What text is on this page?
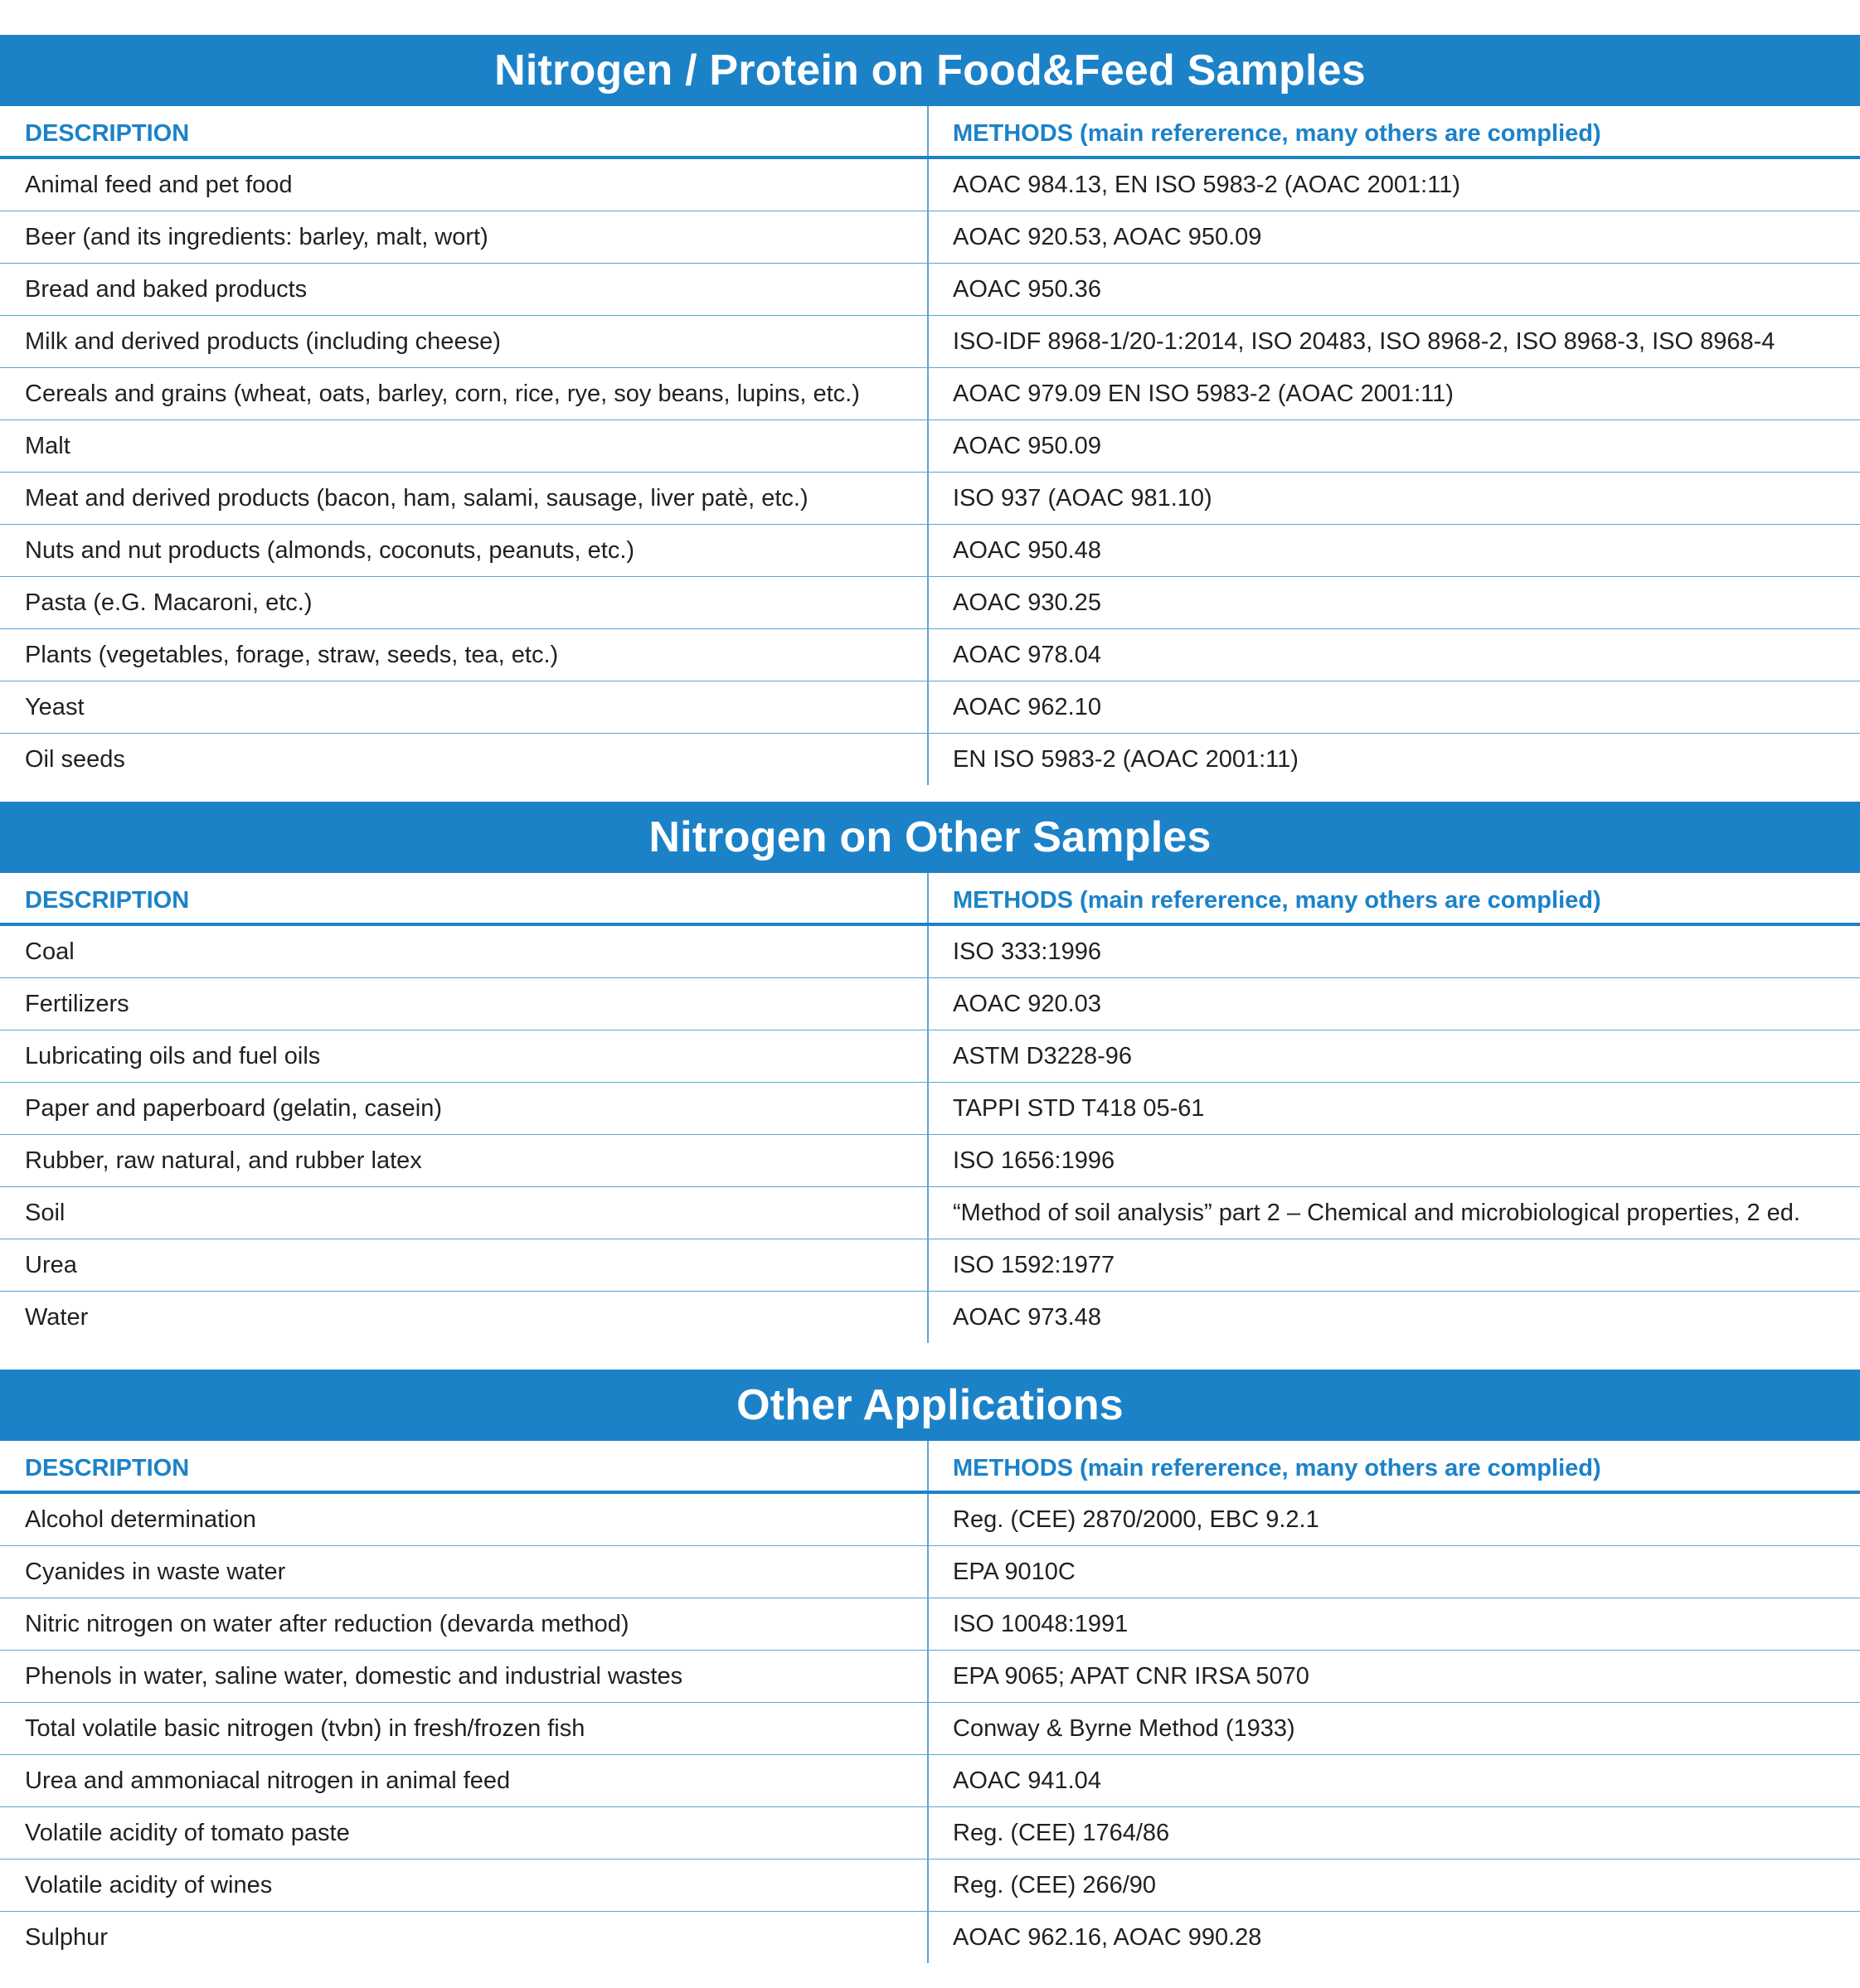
Nitrogen / Protein on Food&Feed Samples
DESCRIPTION	METHODS (main refererence, many others are complied)
Animal feed and pet food	AOAC 984.13, EN ISO 5983-2 (AOAC 2001:11)
Beer (and its ingredients: barley, malt, wort)	AOAC 920.53, AOAC 950.09
Bread and baked products	AOAC 950.36
Milk and derived products (including cheese)	ISO-IDF 8968-1/20-1:2014, ISO 20483, ISO 8968-2, ISO 8968-3, ISO 8968-4
Cereals and grains (wheat, oats, barley, corn, rice, rye, soy beans, lupins, etc.)	AOAC 979.09 EN ISO 5983-2 (AOAC 2001:11)
Malt	AOAC 950.09
Meat and derived products (bacon, ham, salami, sausage, liver patè, etc.)	ISO 937 (AOAC 981.10)
Nuts and nut products (almonds, coconuts, peanuts, etc.)	AOAC 950.48
Pasta (e.G. Macaroni, etc.)	AOAC 930.25
Plants (vegetables, forage, straw, seeds, tea, etc.)	AOAC 978.04
Yeast	AOAC 962.10
Oil seeds	EN ISO 5983-2 (AOAC 2001:11)
Nitrogen on Other Samples
DESCRIPTION	METHODS (main refererence, many others are complied)
Coal	ISO 333:1996
Fertilizers	AOAC 920.03
Lubricating oils and fuel oils	ASTM D3228-96
Paper and paperboard (gelatin, casein)	TAPPI STD T418 05-61
Rubber, raw natural, and rubber latex	ISO 1656:1996
Soil	“Method of soil analysis” part 2 – Chemical and microbiological properties, 2 ed.
Urea	ISO 1592:1977
Water	AOAC 973.48
Other Applications
DESCRIPTION	METHODS (main refererence, many others are complied)
Alcohol determination	Reg. (CEE) 2870/2000, EBC 9.2.1
Cyanides in waste water	EPA 9010C
Nitric nitrogen on water after reduction (devarda method)	ISO 10048:1991
Phenols in water, saline water, domestic and industrial wastes	EPA 9065; APAT CNR IRSA 5070
Total volatile basic nitrogen (tvbn) in fresh/frozen fish	Conway & Byrne Method (1933)
Urea and ammoniacal nitrogen in animal feed	AOAC 941.04
Volatile acidity of tomato paste	Reg. (CEE) 1764/86
Volatile acidity of wines	Reg. (CEE) 266/90
Sulphur	AOAC 962.16, AOAC 990.28
